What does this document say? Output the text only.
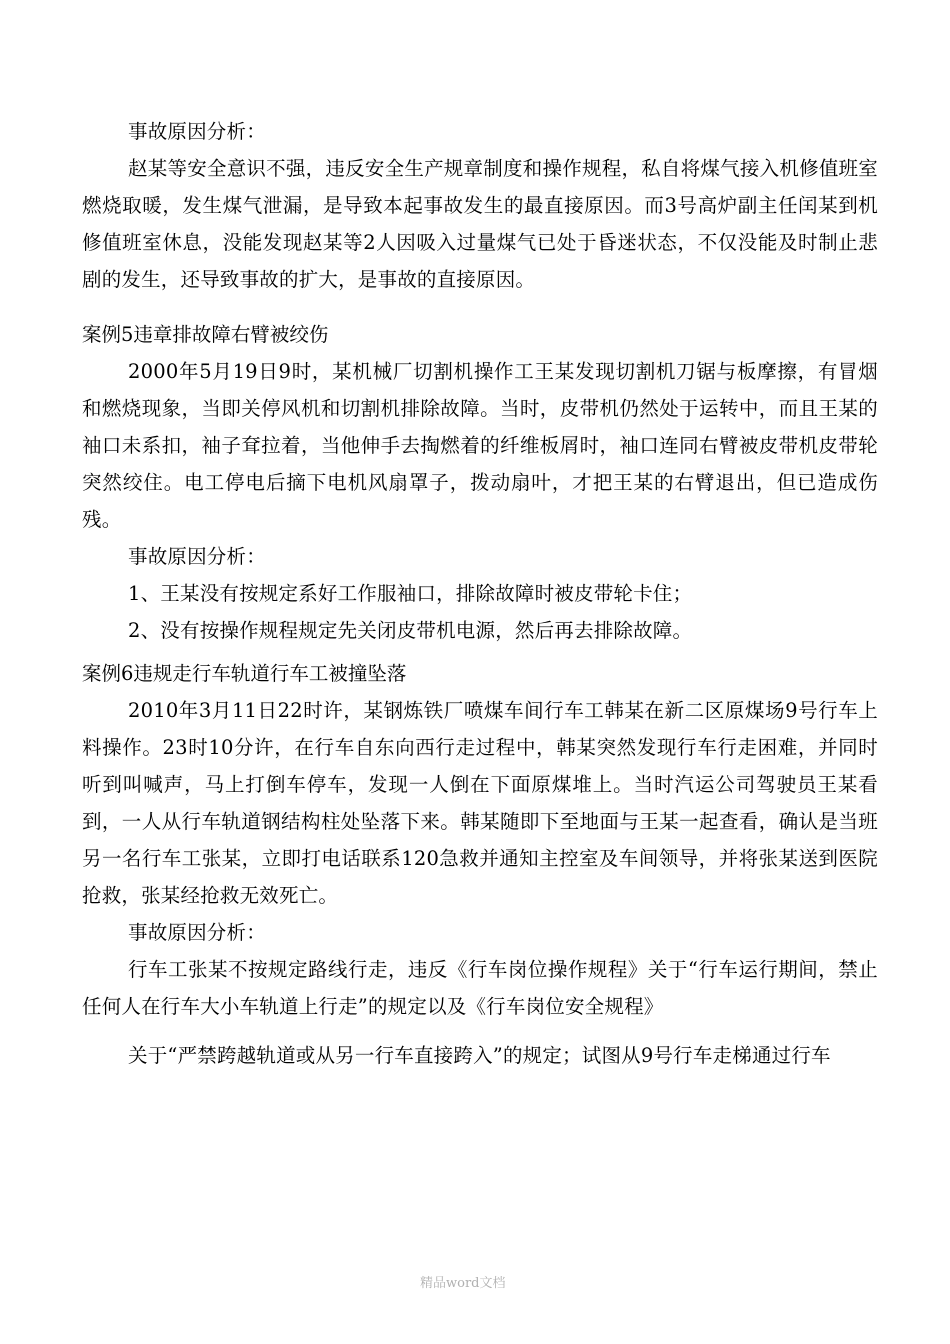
事故原因分析：

赵某等安全意识不强，违反安全生产规章制度和操作规程，私自将煤气接入机修值班室燃烧取暖，发生煤气泄漏，是导致本起事故发生的最直接原因。而3号高炉副主任闰某到机修值班室休息，没能发现赵某等2人因吸入过量煤气已处于昏迷状态，不仅没能及时制止悲剧的发生，还导致事故的扩大，是事故的直接原因。

案例5违章排故障右臂被绞伤

2000年5月19日9时，某机械厂切割机操作工王某发现切割机刀锯与板摩擦，有冒烟和燃烧现象，当即关停风机和切割机排除故障。当时，皮带机仍然处于运转中，而且王某的袖口未系扣，袖子耷拉着，当他伸手去掏燃着的纤维板屑时，袖口连同右臂被皮带机皮带轮突然绞住。电工停电后摘下电机风扇罩子，拨动扇叶，才把王某的右臂退出，但已造成伤残。

事故原因分析：

1、王某没有按规定系好工作服袖口，排除故障时被皮带轮卡住；

2、没有按操作规程规定先关闭皮带机电源，然后再去排除故障。

案例6违规走行车轨道行车工被撞坠落

2010年3月11日22时许，某钢炼铁厂喷煤车间行车工韩某在新二区原煤场9号行车上料操作。23时10分许，在行车自东向西行走过程中，韩某突然发现行车行走困难，并同时听到叫喊声，马上打倒车停车，发现一人倒在下面原煤堆上。当时汽运公司驾驶员王某看到，一人从行车轨道钢结构柱处坠落下来。韩某随即下至地面与王某一起查看，确认是当班另一名行车工张某，立即打电话联系120急救并通知主控室及车间领导，并将张某送到医院抢救，张某经抢救无效死亡。

事故原因分析：

行车工张某不按规定路线行走，违反《行车岗位操作规程》关于“行车运行期间，禁止任何人在行车大小车轨道上行走”的规定以及《行车岗位安全规程》

关于“严禁跨越轨道或从另一行车直接跨入”的规定；试图从9号行车走梯通过行车

精品word文档
